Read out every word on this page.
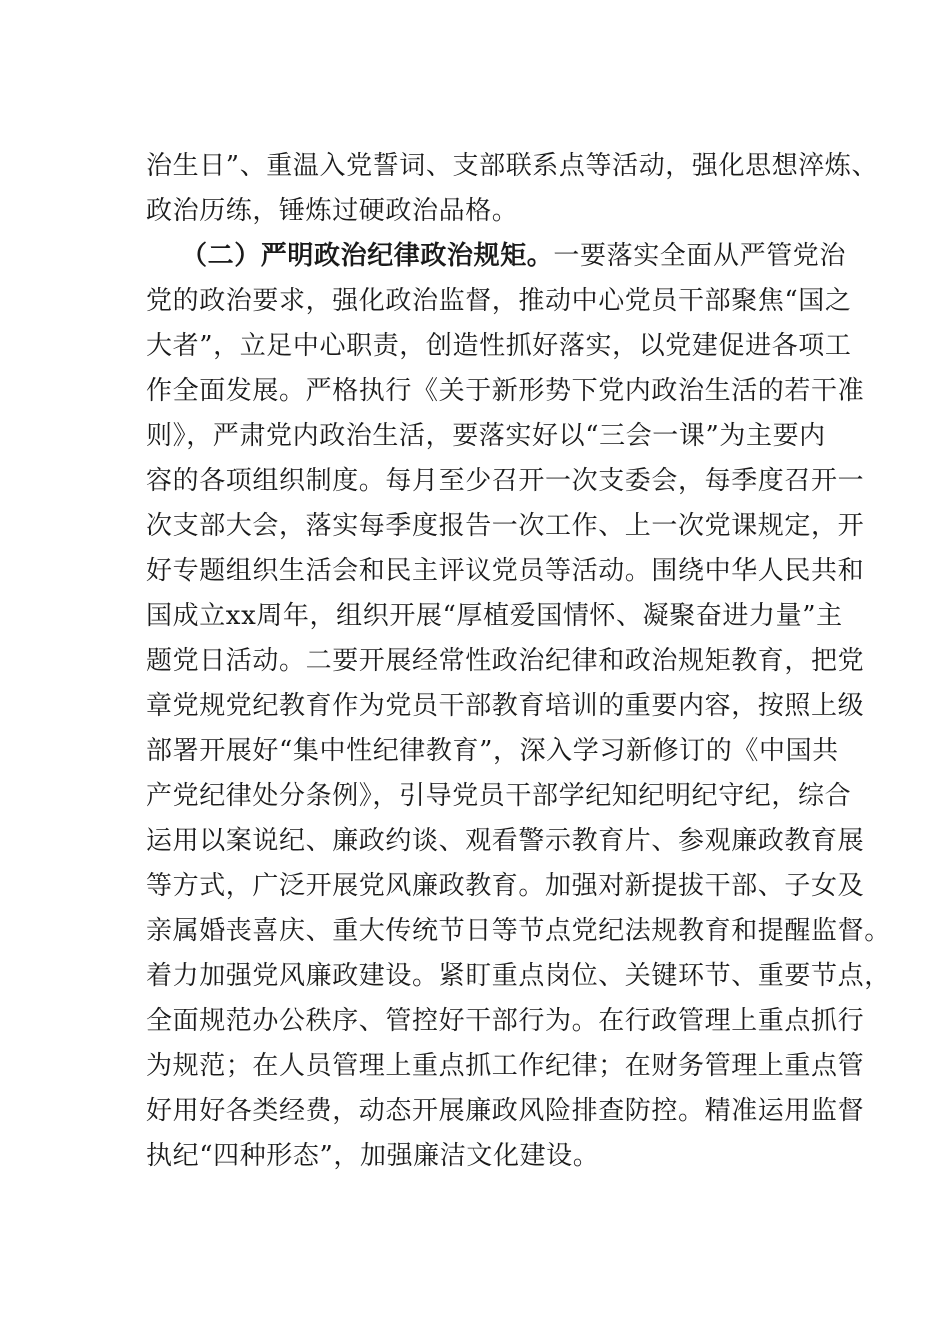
治生日”、重温入党誓词、支部联系点等活动，强化思想淬炼、
政治历练，锤炼过硬政治品格。
（二）严明政治纪律政治规矩。一要落实全面从严管党治
党的政治要求，强化政治监督，推动中心党员干部聚焦“国之
大者”，立足中心职责，创造性抓好落实，以党建促进各项工
作全面发展。严格执行《关于新形势下党内政治生活的若干准
则》，严肃党内政治生活，要落实好以“三会一课”为主要内
容的各项组织制度。每月至少召开一次支委会，每季度召开一
次支部大会，落实每季度报告一次工作、上一次党课规定，开
好专题组织生活会和民主评议党员等活动。围绕中华人民共和
国成立xx周年，组织开展“厚植爱国情怀、凝聚奋进力量”主
题党日活动。二要开展经常性政治纪律和政治规矩教育，把党
章党规党纪教育作为党员干部教育培训的重要内容，按照上级
部署开展好“集中性纪律教育”，深入学习新修订的《中国共
产党纪律处分条例》，引导党员干部学纪知纪明纪守纪，综合
运用以案说纪、廉政约谈、观看警示教育片、参观廉政教育展
等方式，广泛开展党风廉政教育。加强对新提拔干部、子女及
亲属婚丧喜庆、重大传统节日等节点党纪法规教育和提醒监督。
着力加强党风廉政建设。紧盯重点岗位、关键环节、重要节点，
全面规范办公秩序、管控好干部行为。在行政管理上重点抓行
为规范；在人员管理上重点抓工作纪律；在财务管理上重点管
好用好各类经费，动态开展廉政风险排查防控。精准运用监督
执纪“四种形态”，加强廉洁文化建设。
